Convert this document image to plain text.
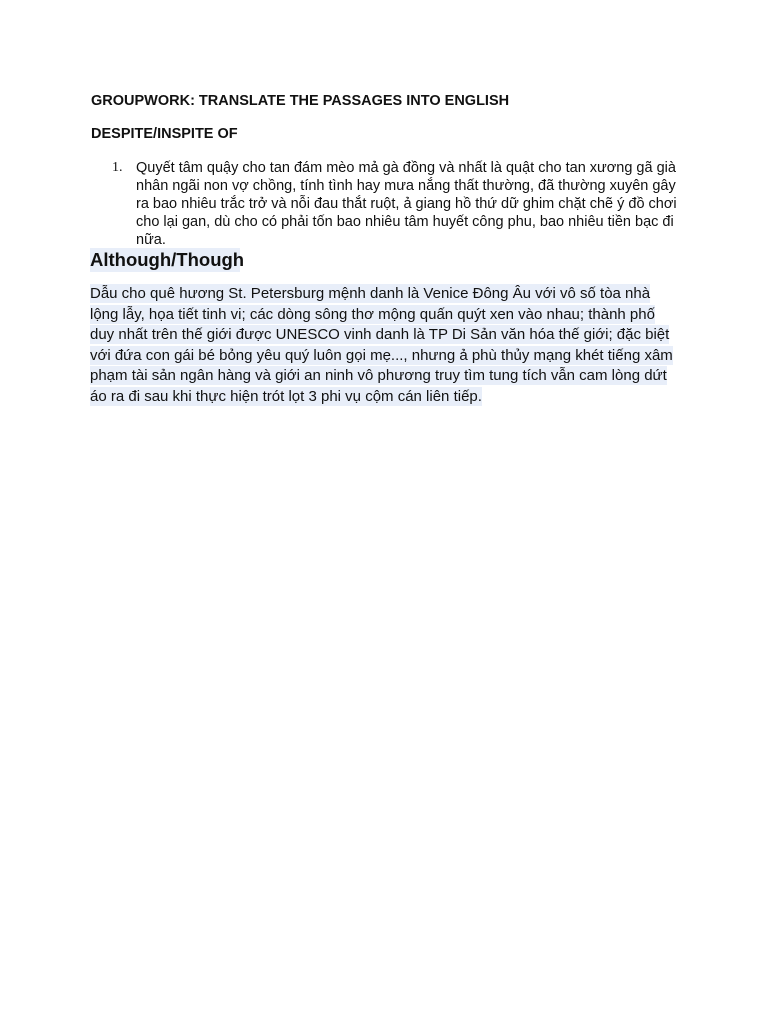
GROUPWORK: TRANSLATE THE PASSAGES INTO ENGLISH
DESPITE/INSPITE OF
1. Quyết tâm quậy cho tan đám mèo mả gà đồng và nhất là quật cho tan xương gã già nhân ngãi non vợ chồng, tính tình hay mưa nắng thất thường, đã thường xuyên gây ra bao nhiêu trắc trở và nỗi đau thắt ruột, ả giang hồ thứ dữ ghim chặt chẽ ý đồ chơi cho lại gan, dù cho có phải tốn bao nhiêu tâm huyết công phu, bao nhiêu tiền bạc đi nữa.
Although/Though

Dẫu cho quê hương St. Petersburg mệnh danh là Venice Đông Âu với vô số tòa nhà lộng lẫy, họa tiết tinh vi; các dòng sông thơ mộng quấn quýt xen vào nhau; thành phố duy nhất trên thế giới được UNESCO vinh danh là TP Di Sản văn hóa thế giới; đặc biệt với đứa con gái bé bỏng yêu quý luôn gọi mẹ..., nhưng ả phù thủy mạng khét tiếng xâm phạm tài sản ngân hàng và giới an ninh vô phương truy tìm tung tích vẫn cam lòng dứt áo ra đi sau khi thực hiện trót lọt 3 phi vụ cộm cán liên tiếp.
